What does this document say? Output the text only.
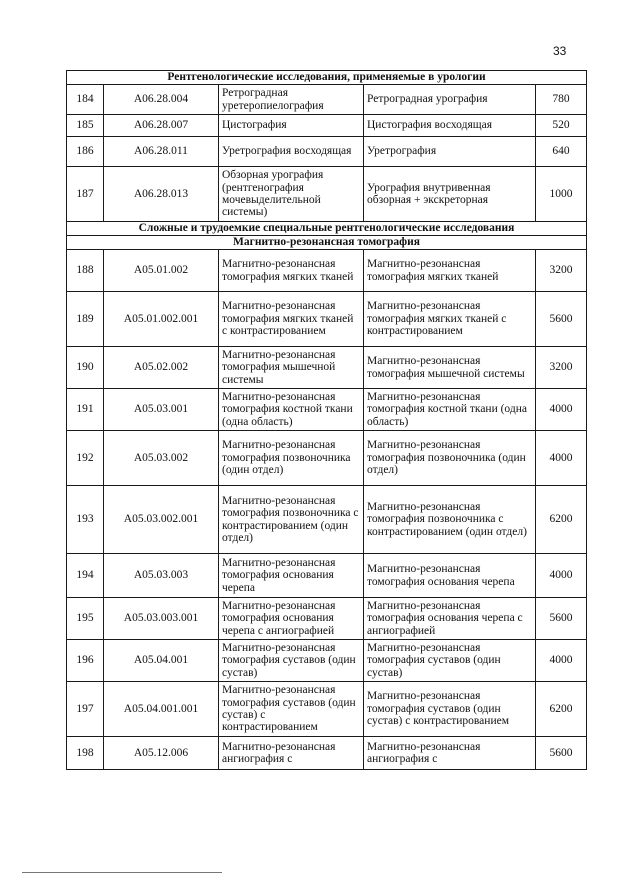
33
Рентгенологические исследования, применяемые в урологии				
184	A06.28.004	Ретроградная уретеропиелография	Ретроградная урография	780
185	A06.28.007	Цистография	Цистография восходящая	520
186	A06.28.011	Уретрография восходящая	Уретрография	640
187	A06.28.013	Обзорная урография (рентгенография мочевыделительной системы)	Урография внутривенная обзорная + экскреторная	1000
Сложные и трудоемкие специальные рентгенологические исследования				
Магнитно-резонансная томография				
188	A05.01.002	Магнитно-резонансная томография мягких тканей	Магнитно-резонансная томография мягких тканей	3200
189	A05.01.002.001	Магнитно-резонансная томография мягких тканей с контрастированием	Магнитно-резонансная томография мягких тканей с контрастированием	5600
190	A05.02.002	Магнитно-резонансная томография мышечной системы	Магнитно-резонансная томография мышечной системы	3200
191	A05.03.001	Магнитно-резонансная томография костной ткани (одна область)	Магнитно-резонансная томография костной ткани (одна область)	4000
192	A05.03.002	Магнитно-резонансная томография позвоночника (один отдел)	Магнитно-резонансная томография позвоночника (один отдел)	4000
193	A05.03.002.001	Магнитно-резонансная томография позвоночника с контрастированием (один отдел)	Магнитно-резонансная томография позвоночника с контрастированием (один отдел)	6200
194	A05.03.003	Магнитно-резонансная томография основания черепа	Магнитно-резонансная томография основания черепа	4000
195	A05.03.003.001	Магнитно-резонансная томография основания черепа с ангиографией	Магнитно-резонансная томография основания черепа с ангиографией	5600
196	A05.04.001	Магнитно-резонансная томография суставов (один сустав)	Магнитно-резонансная томография суставов (один сустав)	4000
197	A05.04.001.001	Магнитно-резонансная томография суставов (один сустав) с контрастированием	Магнитно-резонансная томография суставов (один сустав) с контрастированием	6200
198	A05.12.006	Магнитно-резонансная ангиография с	Магнитно-резонансная ангиография с	5600
